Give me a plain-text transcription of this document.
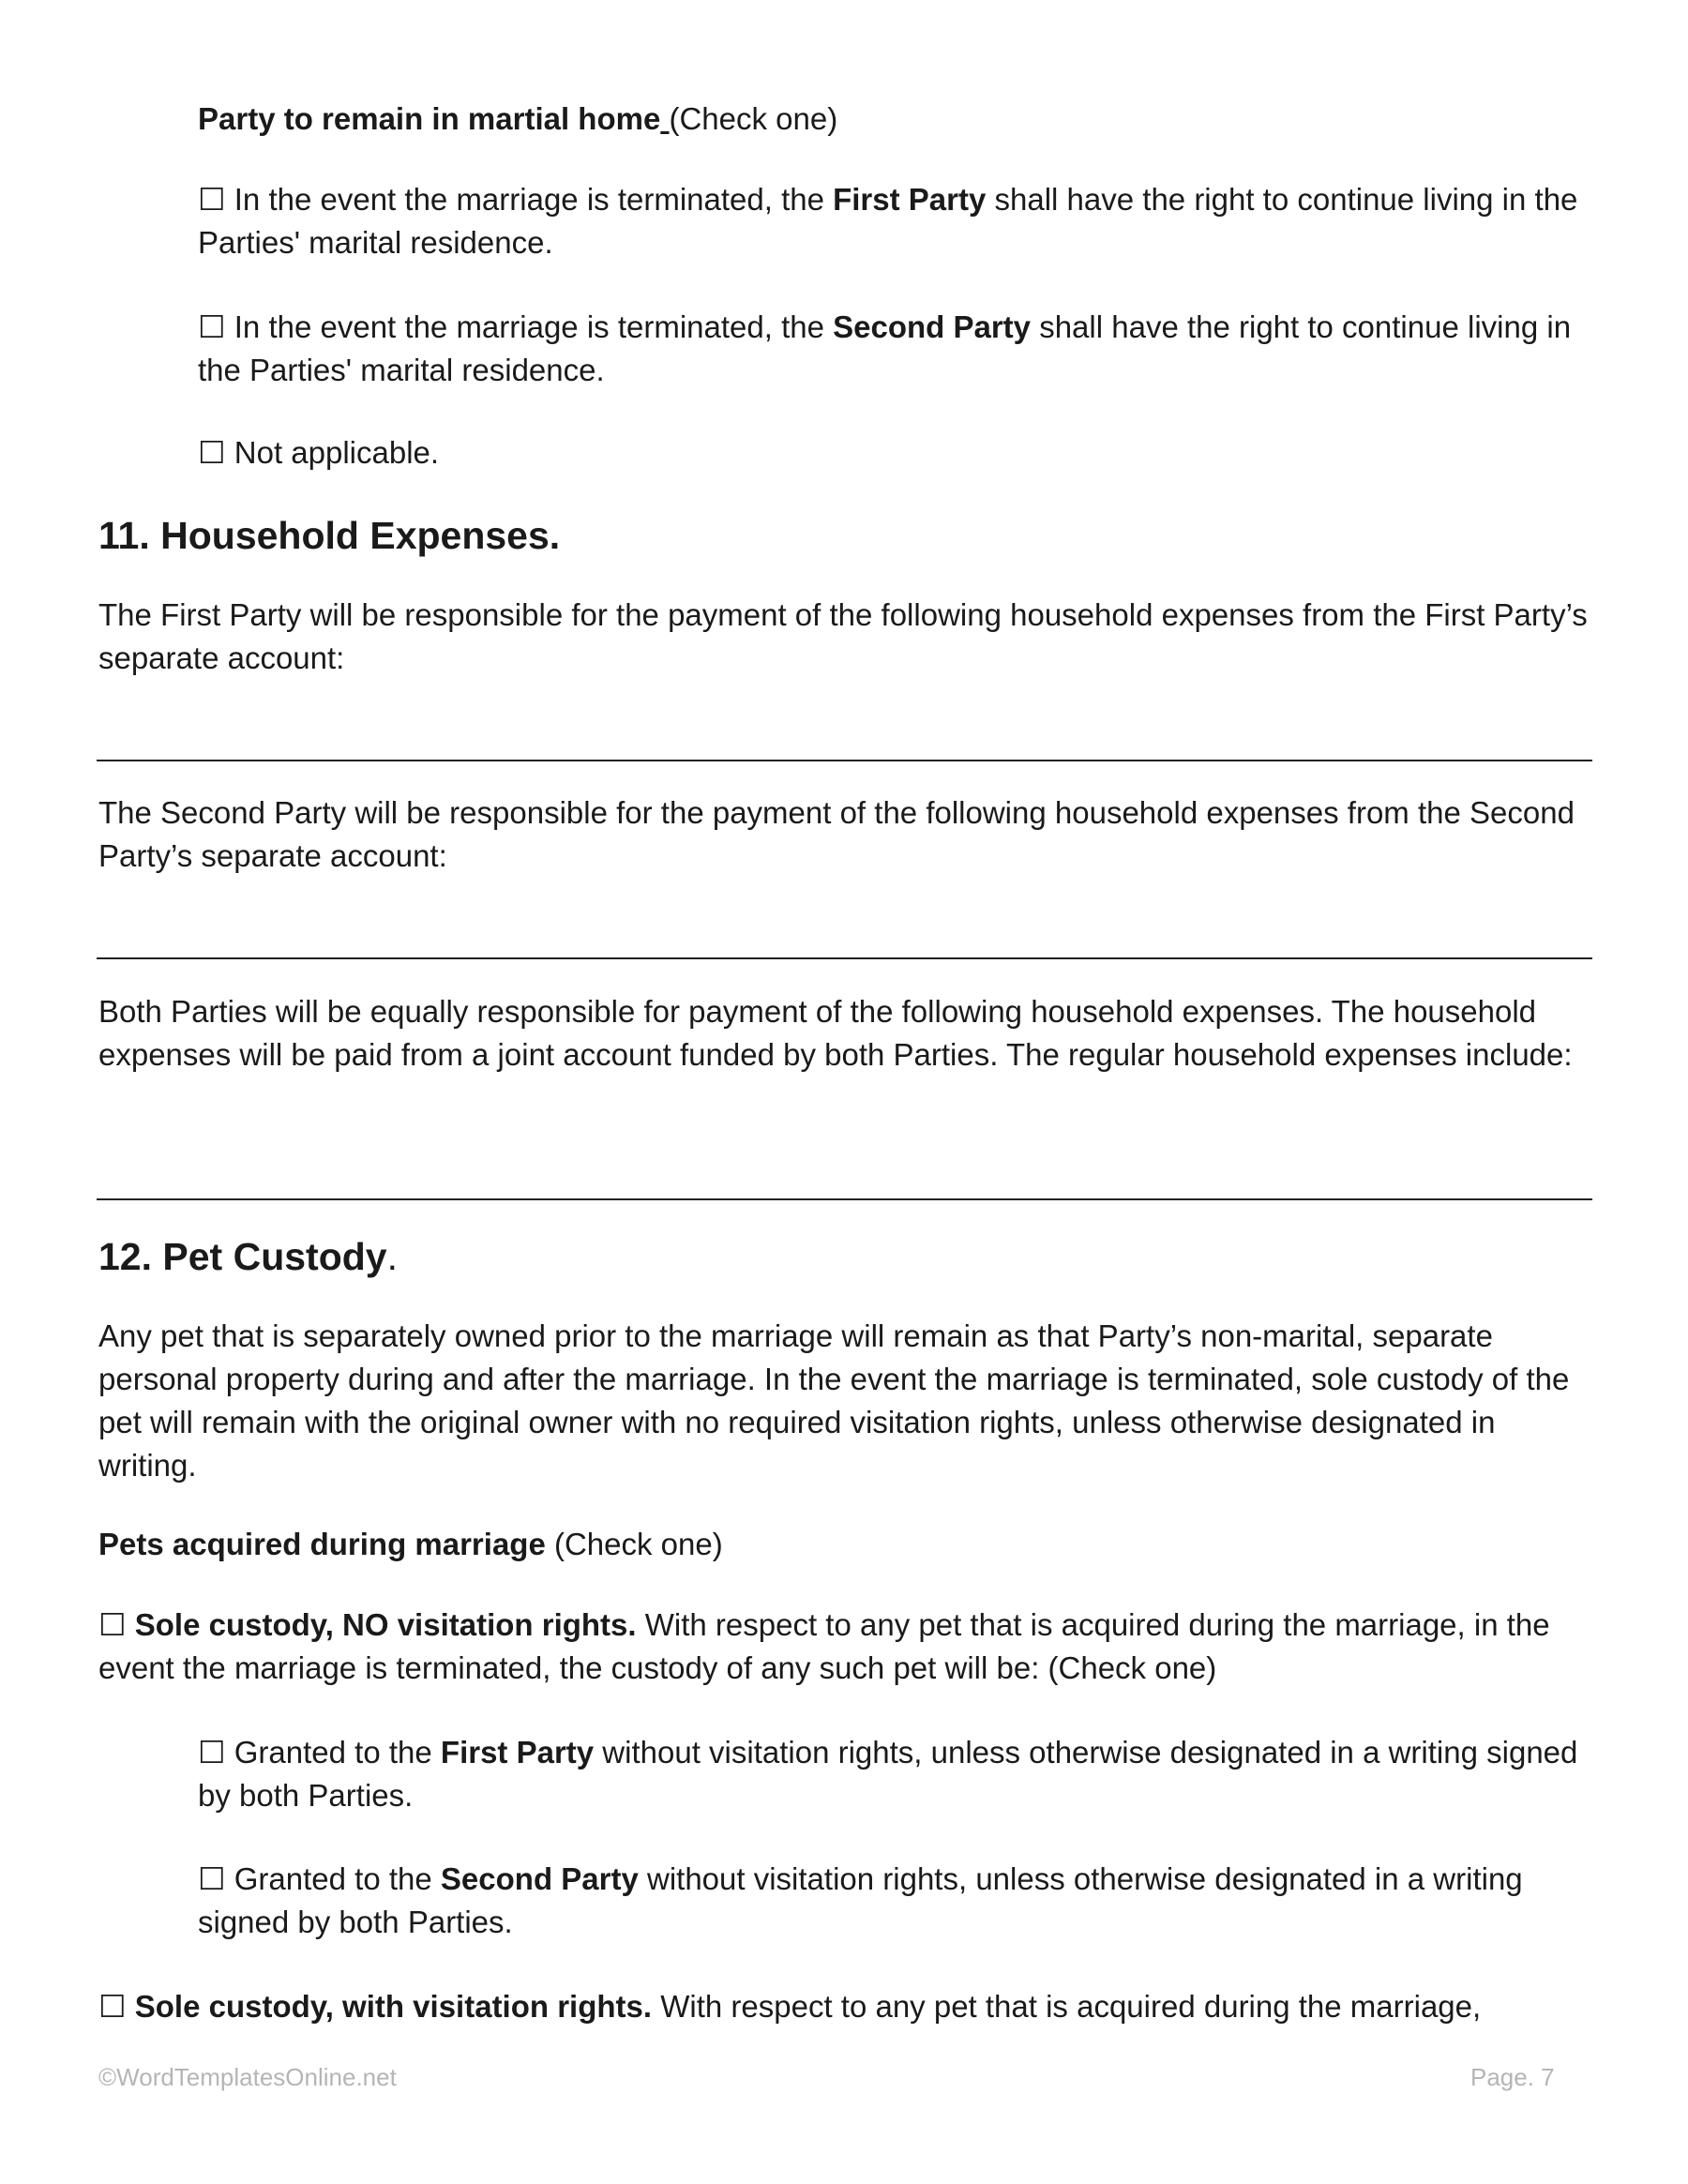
Party to remain in martial home (Check one)

☐ In the event the marriage is terminated, the First Party shall have the right to continue living in the Parties' marital residence.

☐ In the event the marriage is terminated, the Second Party shall have the right to continue living in the Parties' marital residence.

☐ Not applicable.

11. Household Expenses.

The First Party will be responsible for the payment of the following household expenses from the First Party’s separate account:

The Second Party will be responsible for the payment of the following household expenses from the Second Party’s separate account:

Both Parties will be equally responsible for payment of the following household expenses. The household expenses will be paid from a joint account funded by both Parties. The regular household expenses include:

12. Pet Custody.

Any pet that is separately owned prior to the marriage will remain as that Party’s non-marital, separate personal property during and after the marriage. In the event the marriage is terminated, sole custody of the pet will remain with the original owner with no required visitation rights, unless otherwise designated in writing.

Pets acquired during marriage (Check one)

☐ Sole custody, NO visitation rights. With respect to any pet that is acquired during the marriage, in the event the marriage is terminated, the custody of any such pet will be: (Check one)

☐ Granted to the First Party without visitation rights, unless otherwise designated in a writing signed by both Parties.

☐ Granted to the Second Party without visitation rights, unless otherwise designated in a writing signed by both Parties.

☐ Sole custody, with visitation rights. With respect to any pet that is acquired during the marriage,

©WordTemplatesOnline.net	Page. 7
